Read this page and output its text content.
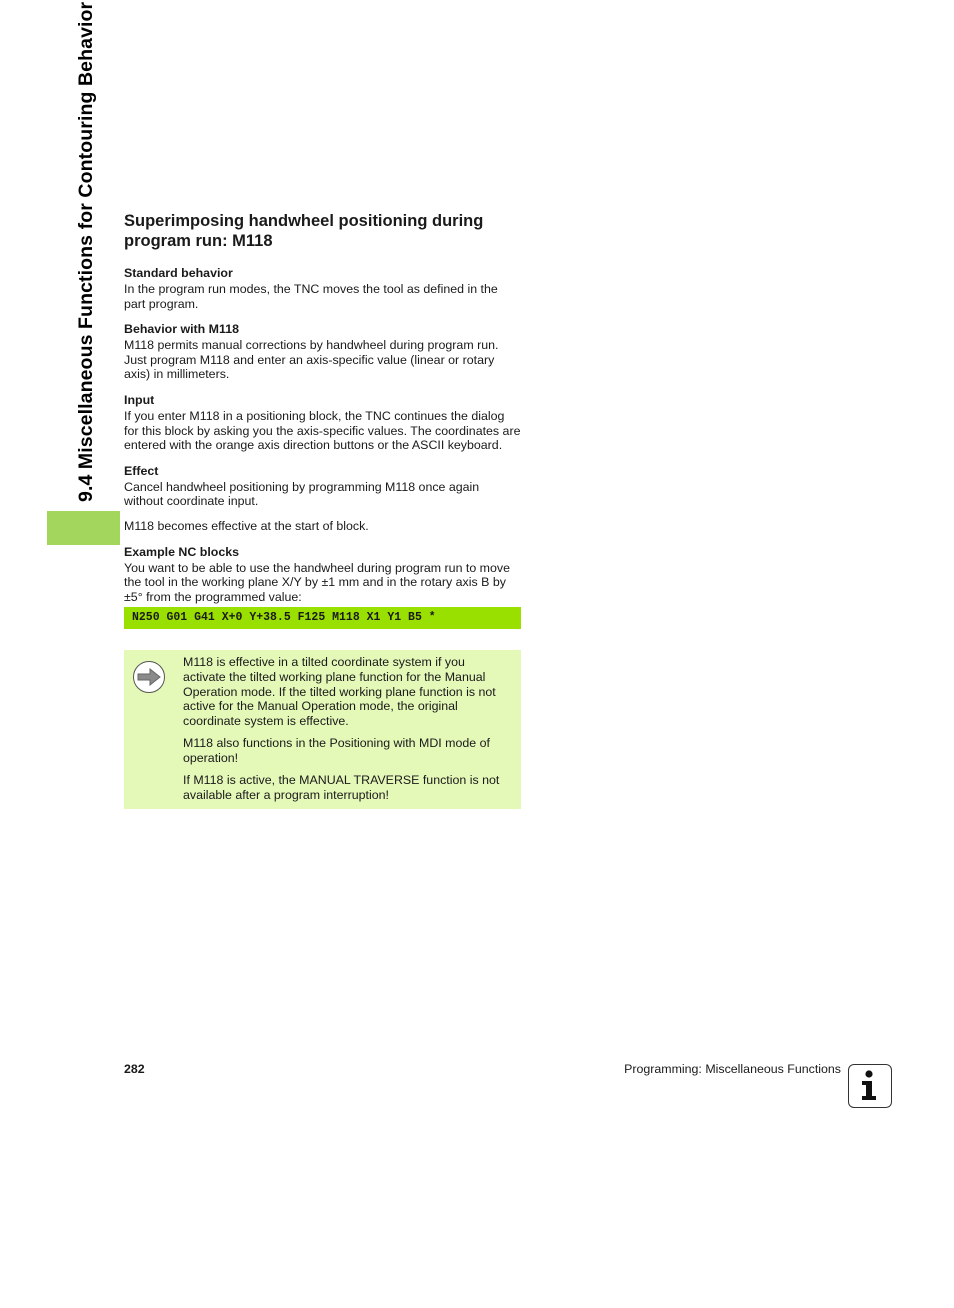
9.4 Miscellaneous Functions for Contouring Behavior Superimposing handwheel positioning during program run: M118
Standard behavior

In the program run modes, the TNC moves the tool as defined in the part program.

Behavior with M118

M118 permits manual corrections by handwheel during program run. Just program M118 and enter an axis-specific value (linear or rotary axis) in millimeters.

Input

If you enter M118 in a positioning block, the TNC continues the dialog for this block by asking you the axis-specific values. The coordinates are entered with the orange axis direction buttons or the ASCII keyboard.

Effect

Cancel handwheel positioning by programming M118 once again without coordinate input.

M118 becomes effective at the start of block.

Example NC blocks

You want to be able to use the handwheel during program run to move the tool in the working plane X/Y by ±1 mm and in the rotary axis B by ±5° from the programmed value:

N250 G01 G41 X+0 Y+38.5 F125 M118 X1 Y1 B5 *

M118 is effective in a tilted coordinate system if you activate the tilted working plane function for the Manual Operation mode. If the tilted working plane function is not active for the Manual Operation mode, the original coordinate system is effective.

M118 also functions in the Positioning with MDI mode of operation!

If M118 is active, the MANUAL TRAVERSE function is not available after a program interruption!

282	Programming: Miscellaneous Functions
